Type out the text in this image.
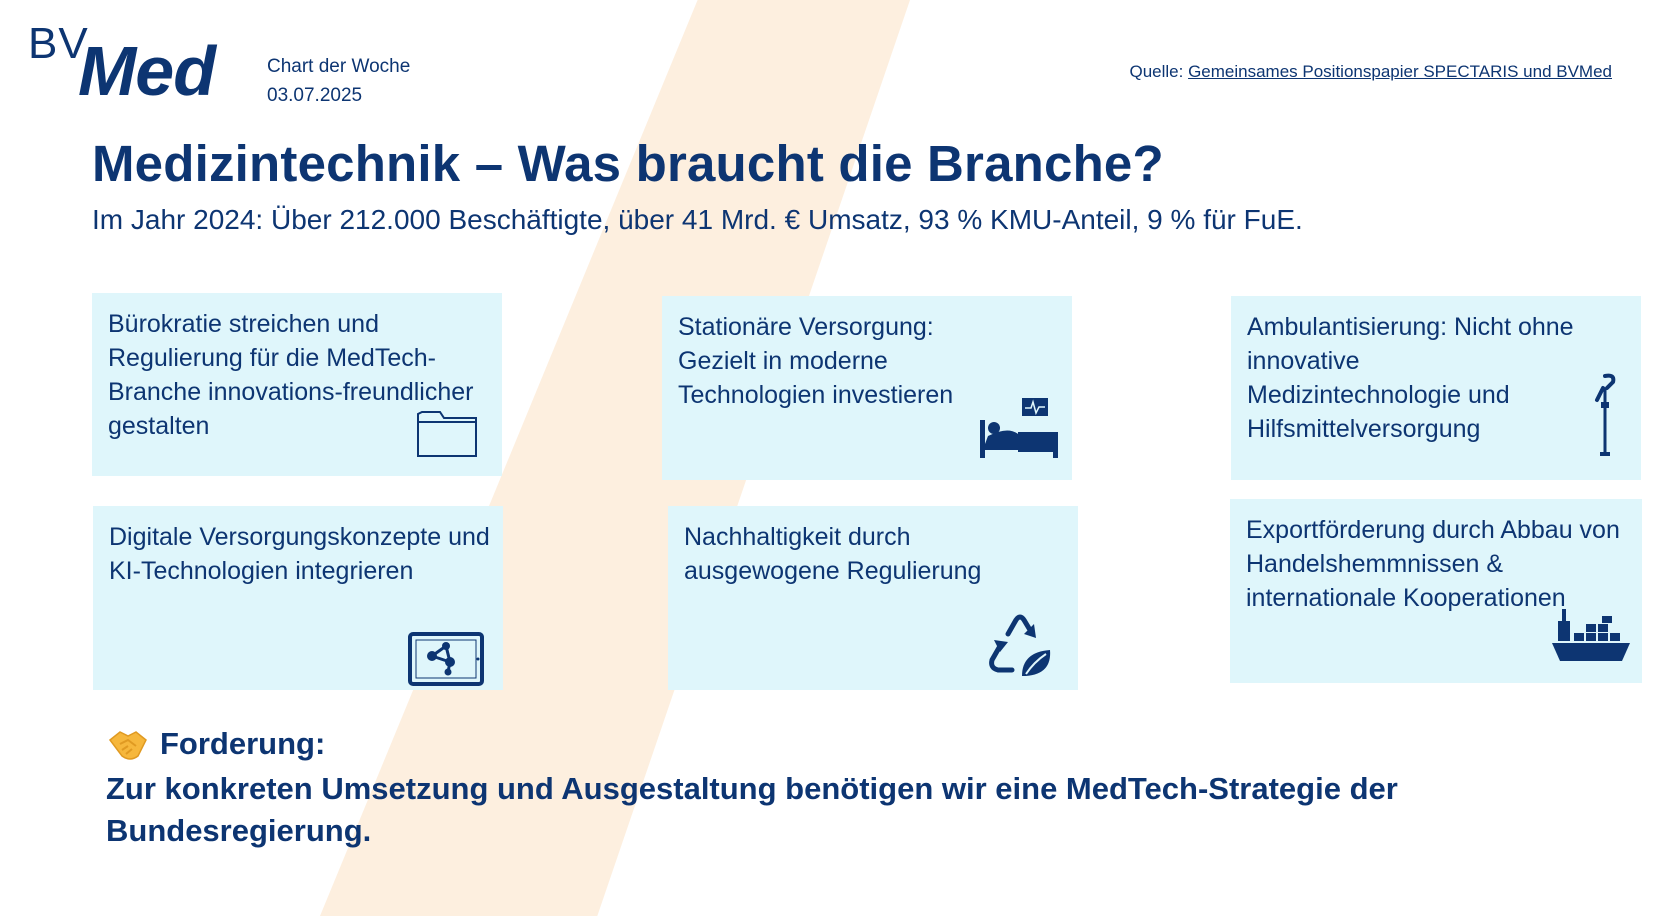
BV
Med	Chart der Woche
03.07.2025
Quelle: Gemeinsames Positionspapier SPECTARIS und BVMed
Medizintechnik – Was braucht die Branche?
Im Jahr 2024: Über 212.000 Beschäftigte, über 41 Mrd. € Umsatz, 93 % KMU-Anteil, 9 % für FuE.
Bürokratie streichen und Regulierung für die MedTech-Branche innovations-freundlicher gestalten
Stationäre Versorgung: Gezielt in moderne Technologien investieren
Ambulantisierung: Nicht ohne innovative Medizintechnologie und Hilfsmittelversorgung
Digitale Versorgungskonzepte und KI-Technologien integrieren
Nachhaltigkeit durch ausgewogene Regulierung
Exportförderung durch Abbau von Handelshemmnissen & internationale Kooperationen
Forderung:
Zur konkreten Umsetzung und Ausgestaltung benötigen wir eine MedTech-Strategie der Bundesregierung.
